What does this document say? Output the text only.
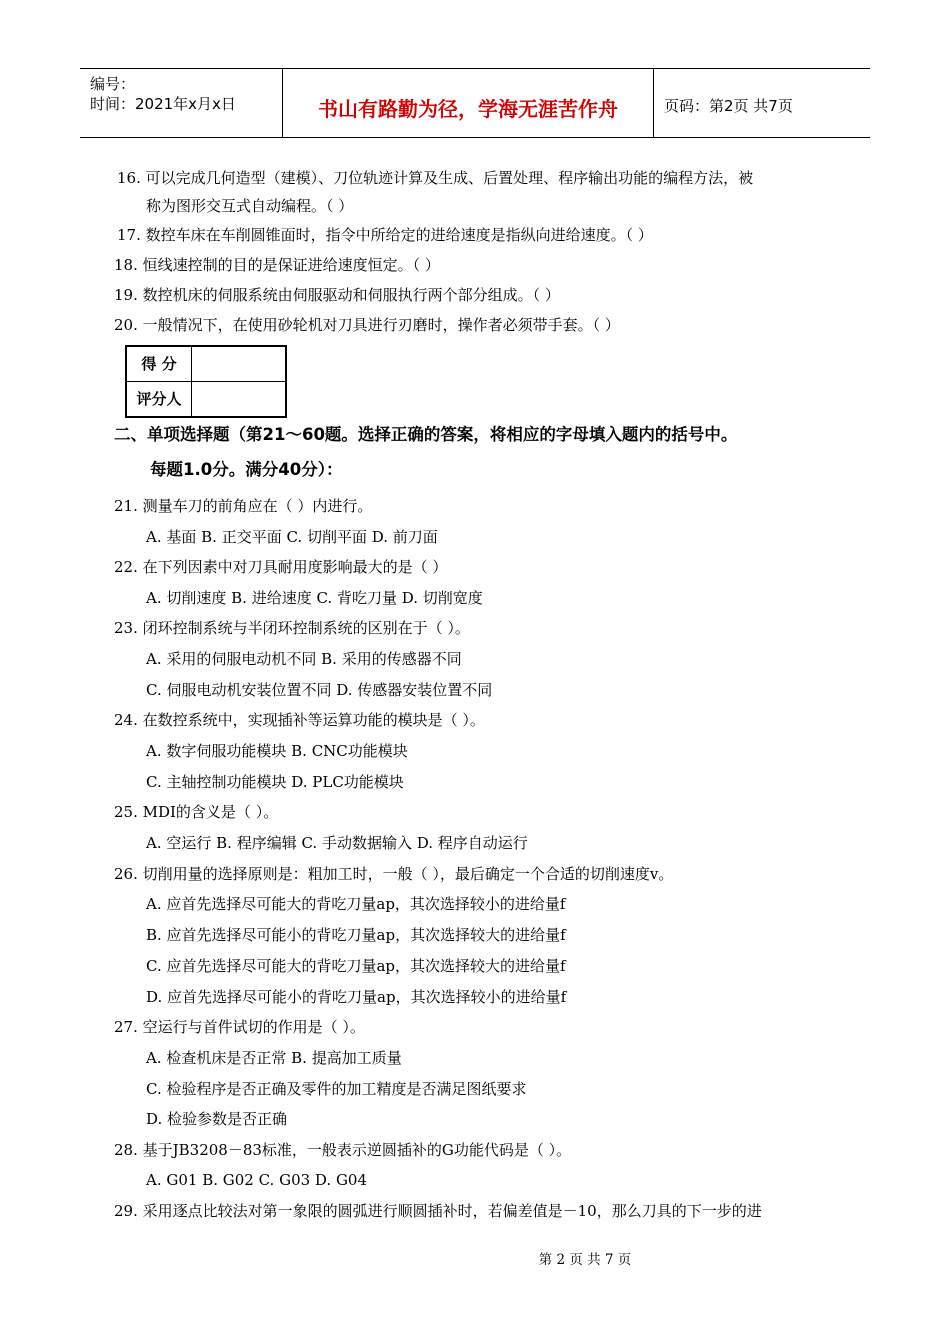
编号：
时间：2021年x月x日	书山有路勤为径，学海无涯苦作舟	页码：第2页 共7页
16. 可以完成几何造型（建模）、刀位轨迹计算及生成、后置处理、程序输出功能的编程方法，被
称为图形交互式自动编程。（ ）
17. 数控车床在车削圆锥面时，指令中所给定的进给速度是指纵向进给速度。（ ）
18. 恒线速控制的目的是保证进给速度恒定。（ ）
19. 数控机床的伺服系统由伺服驱动和伺服执行两个部分组成。（ ）
20. 一般情况下，在使用砂轮机对刀具进行刃磨时，操作者必须带手套。（ ）
得 分
评分人
二、单项选择题（第21～60题。选择正确的答案，将相应的字母填入题内的括号中。
每题1.0分。满分40分）：
21. 测量车刀的前角应在（ ）内进行。
A. 基面 B. 正交平面 C. 切削平面 D. 前刀面
22. 在下列因素中对刀具耐用度影响最大的是（ ）
A. 切削速度 B. 进给速度 C. 背吃刀量 D. 切削宽度
23. 闭环控制系统与半闭环控制系统的区别在于（ ）。
A. 采用的伺服电动机不同 B. 采用的传感器不同
C. 伺服电动机安装位置不同 D. 传感器安装位置不同
24. 在数控系统中，实现插补等运算功能的模块是（ ）。
A. 数字伺服功能模块 B. CNC功能模块
C. 主轴控制功能模块 D. PLC功能模块
25. MDI的含义是（ ）。
A. 空运行 B. 程序编辑 C. 手动数据输入 D. 程序自动运行
26. 切削用量的选择原则是：粗加工时，一般（ ），最后确定一个合适的切削速度v。
A. 应首先选择尽可能大的背吃刀量ap，其次选择较小的进给量f
B. 应首先选择尽可能小的背吃刀量ap，其次选择较大的进给量f
C. 应首先选择尽可能大的背吃刀量ap，其次选择较大的进给量f
D. 应首先选择尽可能小的背吃刀量ap，其次选择较小的进给量f
27. 空运行与首件试切的作用是（ ）。
A. 检查机床是否正常 B. 提高加工质量
C. 检验程序是否正确及零件的加工精度是否满足图纸要求
D. 检验参数是否正确
28. 基于JB3208－83标准，一般表示逆圆插补的G功能代码是（ ）。
A. G01 B. G02 C. G03 D. G04
29. 采用逐点比较法对第一象限的圆弧进行顺圆插补时，若偏差值是－10，那么刀具的下一步的进
第 2 页 共 7 页
